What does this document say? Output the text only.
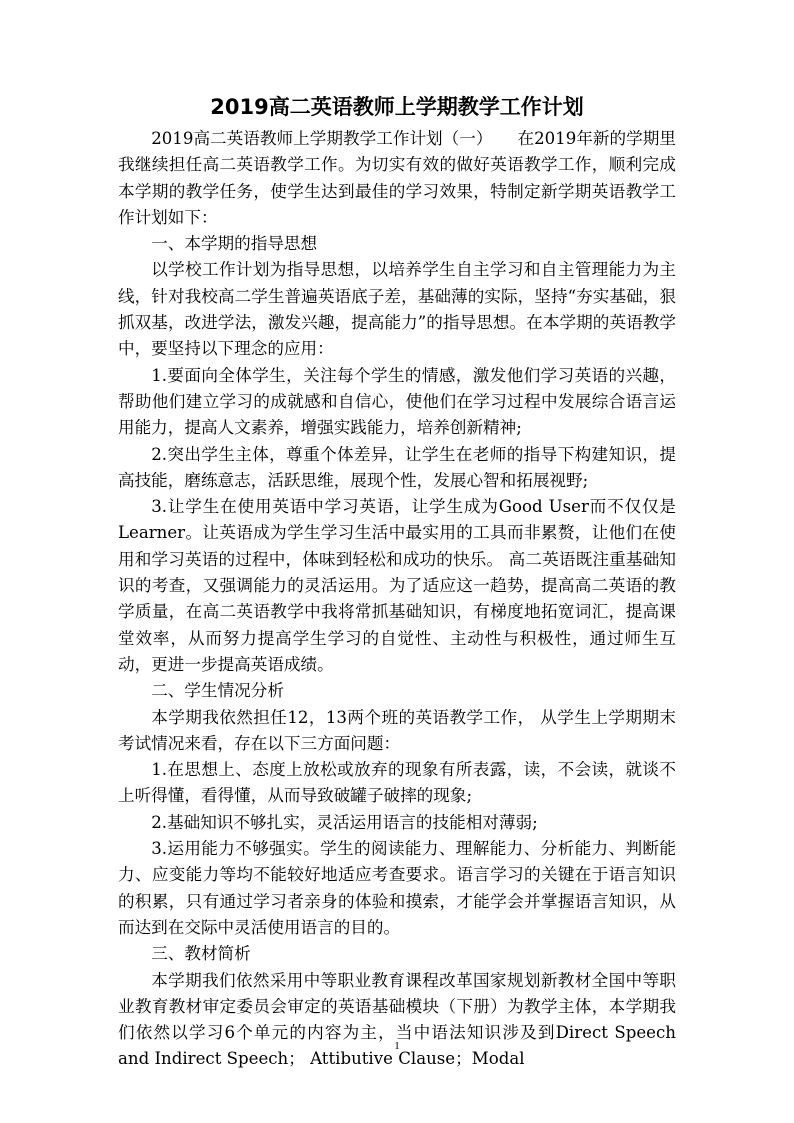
2019高二英语教师上学期教学工作计划

2019高二英语教师上学期教学工作计划（一）　　在2019年新的学期里我继续担任高二英语教学工作。为切实有效的做好英语教学工作，顺利完成本学期的教学任务，使学生达到最佳的学习效果，特制定新学期英语教学工作计划如下：

一、本学期的指导思想

以学校工作计划为指导思想，以培养学生自主学习和自主管理能力为主线，针对我校高二学生普遍英语底子差，基础薄的实际，坚持“夯实基础，狠抓双基，改进学法，激发兴趣，提高能力”的指导思想。在本学期的英语教学中，要坚持以下理念的应用：

1.要面向全体学生，关注每个学生的情感，激发他们学习英语的兴趣，帮助他们建立学习的成就感和自信心，使他们在学习过程中发展综合语言运用能力，提高人文素养，增强实践能力，培养创新精神;

2.突出学生主体，尊重个体差异，让学生在老师的指导下构建知识，提高技能，磨练意志，活跃思维，展现个性，发展心智和拓展视野;

3.让学生在使用英语中学习英语，让学生成为Good User而不仅仅是Learner。让英语成为学生学习生活中最实用的工具而非累赘，让他们在使用和学习英语的过程中，体味到轻松和成功的快乐。 高二英语既注重基础知识的考查，又强调能力的灵活运用。为了适应这一趋势，提高高二英语的教学质量，在高二英语教学中我将常抓基础知识，有梯度地拓宽词汇，提高课堂效率，从而努力提高学生学习的自觉性、主动性与积极性，通过师生互动，更进一步提高英语成绩。

二、学生情况分析

本学期我依然担任12，13两个班的英语教学工作， 从学生上学期期末考试情况来看，存在以下三方面问题：

1.在思想上、态度上放松或放弃的现象有所表露，读，不会读，就谈不上听得懂，看得懂，从而导致破罐子破摔的现象;

2.基础知识不够扎实，灵活运用语言的技能相对薄弱;

3.运用能力不够强实。学生的阅读能力、理解能力、分析能力、判断能力、应变能力等均不能较好地适应考查要求。语言学习的关键在于语言知识的积累，只有通过学习者亲身的体验和摸索，才能学会并掌握语言知识，从而达到在交际中灵活使用语言的目的。

三、教材简析

本学期我们依然采用中等职业教育课程改革国家规划新教材全国中等职业教育教材审定委员会审定的英语基础模块（下册）为教学主体，本学期我们依然以学习6个单元的内容为主，当中语法知识涉及到Direct Speech and Indirect Speech； Attibutive Clause；Modal

1
